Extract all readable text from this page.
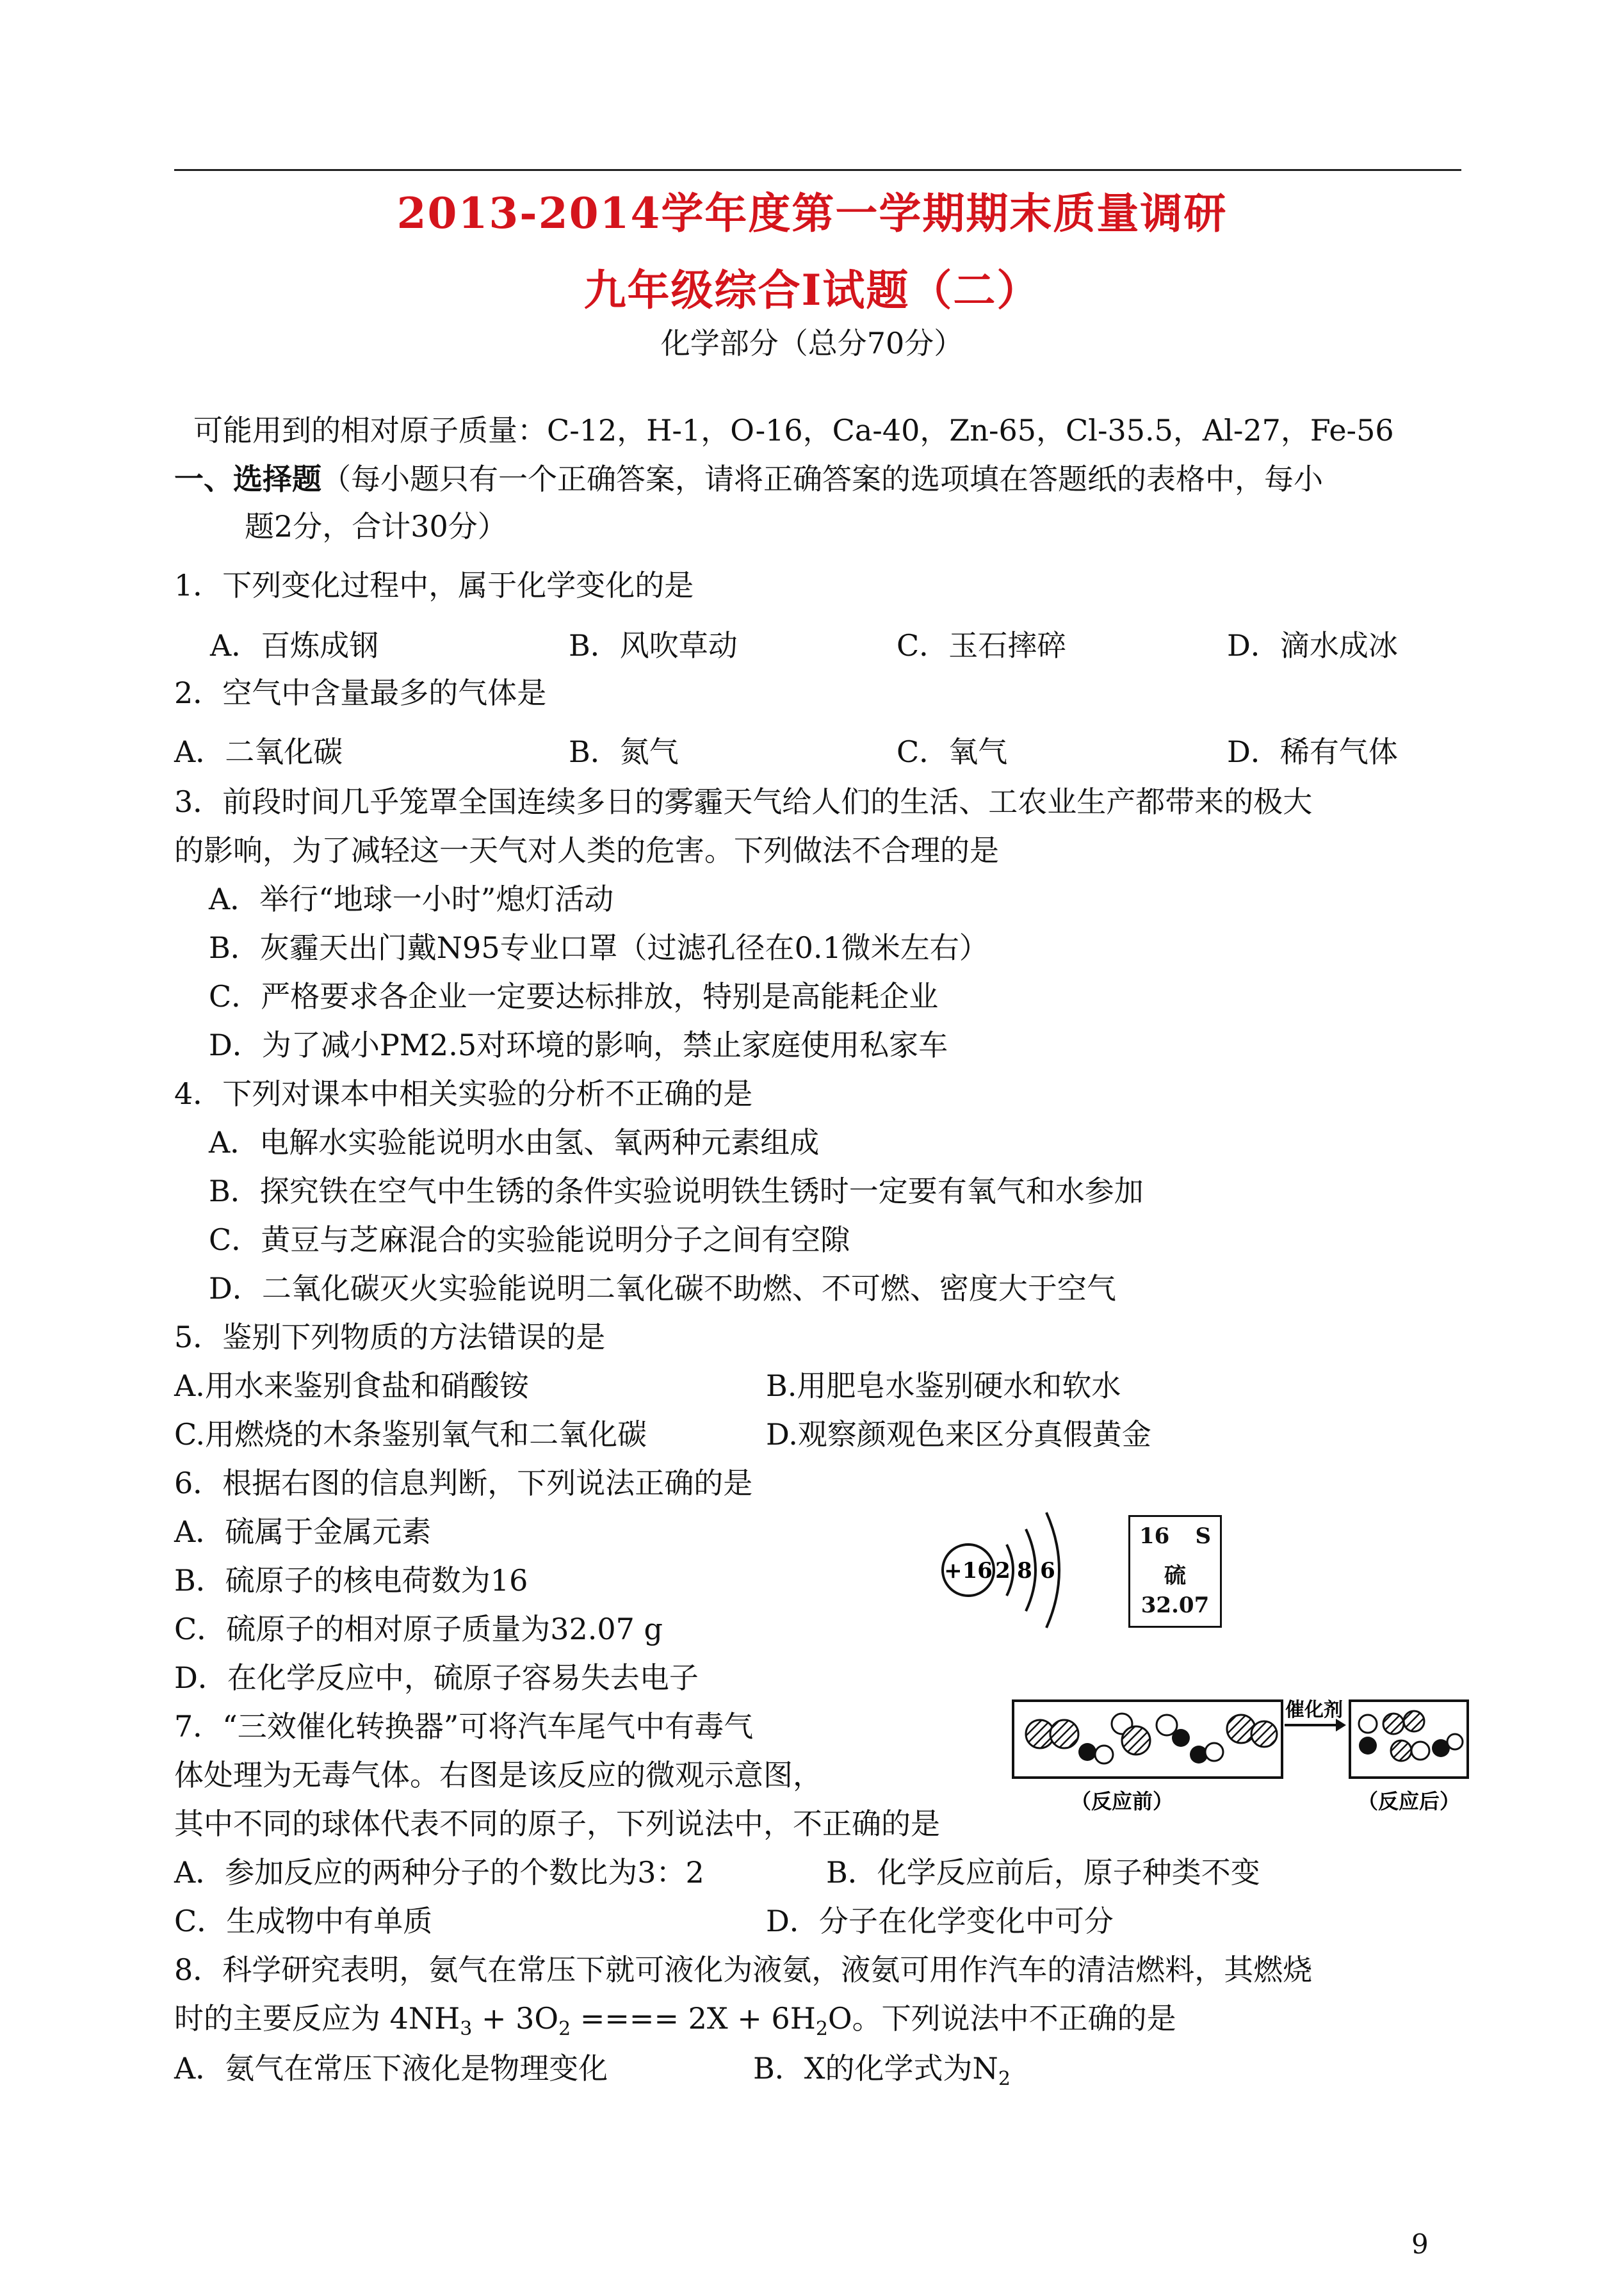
2013-2014学年度第一学期期末质量调研
九年级综合Ⅰ试题（二）
化学部分（总分70分）
可能用到的相对原子质量：C-12，H-1，O-16，Ca-40，Zn-65，Cl-35.5，Al-27，Fe-56
一、选择题（每小题只有一个正确答案，请将正确答案的选项填在答题纸的表格中，每小
题2分，合计30分）
1．下列变化过程中，属于化学变化的是
A．百炼成钢	B．风吹草动	C．玉石摔碎	D．滴水成冰
2．空气中含量最多的气体是
A．二氧化碳	B．氮气	C．氧气	D．稀有气体
3．前段时间几乎笼罩全国连续多日的雾霾天气给人们的生活、工农业生产都带来的极大
的影响，为了减轻这一天气对人类的危害。下列做法不合理的是
A．举行“地球一小时”熄灯活动
B．灰霾天出门戴N95专业口罩（过滤孔径在0.1微米左右）
C．严格要求各企业一定要达标排放，特别是高能耗企业
D．为了减小PM2.5对环境的影响，禁止家庭使用私家车
4．下列对课本中相关实验的分析不正确的是
A．电解水实验能说明水由氢、氧两种元素组成
B．探究铁在空气中生锈的条件实验说明铁生锈时一定要有氧气和水参加
C．黄豆与芝麻混合的实验能说明分子之间有空隙
D．二氧化碳灭火实验能说明二氧化碳不助燃、不可燃、密度大于空气
5．鉴别下列物质的方法错误的是
A.用水来鉴别食盐和硝酸铵	B.用肥皂水鉴别硬水和软水
C.用燃烧的木条鉴别氧气和二氧化碳	D.观察颜观色来区分真假黄金
6．根据右图的信息判断，下列说法正确的是
A．硫属于金属元素
B．硫原子的核电荷数为16
C．硫原子的相对原子质量为32.07 g
D．在化学反应中，硫原子容易失去电子
+16 2 8 6
16 S
硫
32.07
7．“三效催化转换器”可将汽车尾气中有毒气
体处理为无毒气体。右图是该反应的微观示意图，
其中不同的球体代表不同的原子，下列说法中，不正确的是
A．参加反应的两种分子的个数比为3：2	B．化学反应前后，原子种类不变
C．生成物中有单质	D．分子在化学变化中可分
催化剂
（反应前）	（反应后）
8．科学研究表明，氨气在常压下就可液化为液氨，液氨可用作汽车的清洁燃料，其燃烧
时的主要反应为 $4NH_3 + 3O_2$ ==== $2X + 6H_2O$。下列说法中不正确的是
A．氨气在常压下液化是物理变化	B．X的化学式为$N_2$
9
